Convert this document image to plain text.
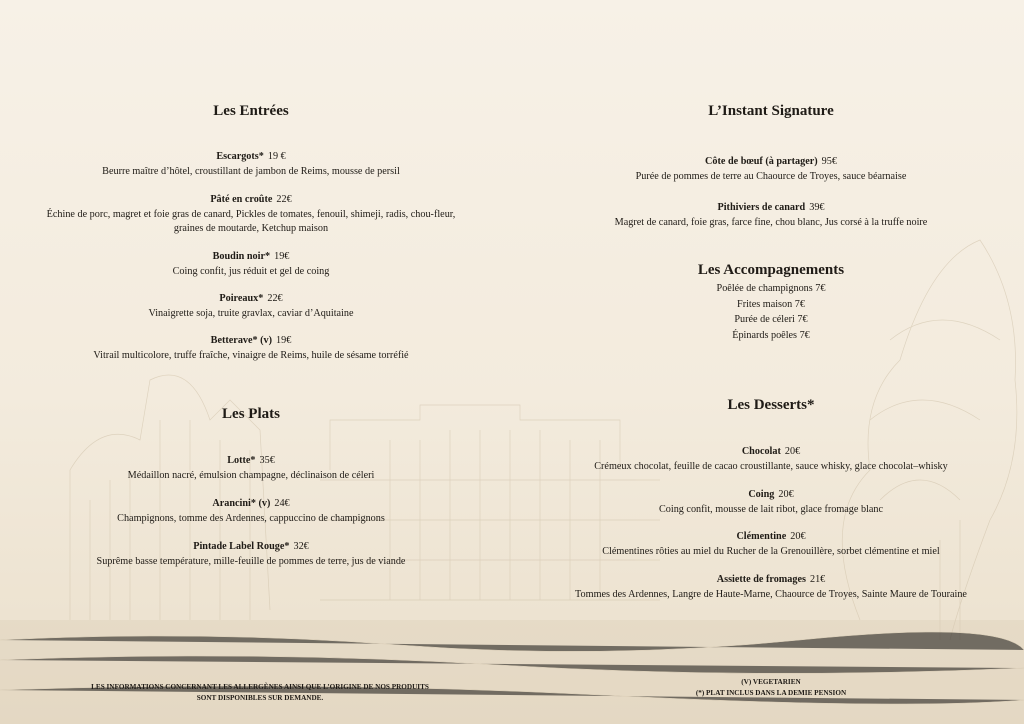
Les Entrées
Escargots* 19 €
Beurre maître d’hôtel, croustillant de jambon de Reims, mousse de persil
Pâté en croûte 22€
Échine de porc, magret et foie gras de canard, Pickles de tomates, fenouil, shimeji, radis, chou-fleur, graines de moutarde, Ketchup maison
Boudin noir* 19€
Coing confit, jus réduit et gel de coing
Poireaux* 22€
Vinaigrette soja, truite gravlax, caviar d’Aquitaine
Betterave* (v) 19€
Vitrail multicolore, truffe fraîche, vinaigre de Reims, huile de sésame torréfié
Les Plats
Lotte* 35€
Médaillon nacré, émulsion champagne, déclinaison de céleri
Arancini* (v) 24€
Champignons, tomme des Ardennes, cappuccino de champignons
Pintade Label Rouge* 32€
Suprême basse température, mille-feuille de pommes de terre, jus de viande
L’Instant Signature
Côte de bœuf (à partager) 95€
Purée de pommes de terre au Chaource de Troyes, sauce béarnaise
Pithiviers de canard 39€
Magret de canard, foie gras, farce fine, chou blanc, Jus corsé à la truffe noire
Les Accompagnements
Poêlée de champignons 7€
Frites maison 7€
Purée de céleri 7€
Épinards poêles 7€
Les Desserts*
Chocolat 20€
Crémeux chocolat, feuille de cacao croustillante, sauce whisky, glace chocolat–whisky
Coing 20€
Coing confit, mousse de lait ribot, glace fromage blanc
Clémentine 20€
Clémentines rôties au miel du Rucher de la Grenouillère, sorbet clémentine et miel
Assiette de fromages 21€
Tommes des Ardennes, Langre de Haute-Marne, Chaource de Troyes, Sainte Maure de Touraine
LES INFORMATIONS CONCERNANT LES ALLERGÈNES AINSI QUE L’ORIGINE DE NOS PRODUITS SONT DISPONIBLES SUR DEMANDE.
(V) VEGETARIEN
(*) PLAT INCLUS DANS LA DEMIE PENSION
